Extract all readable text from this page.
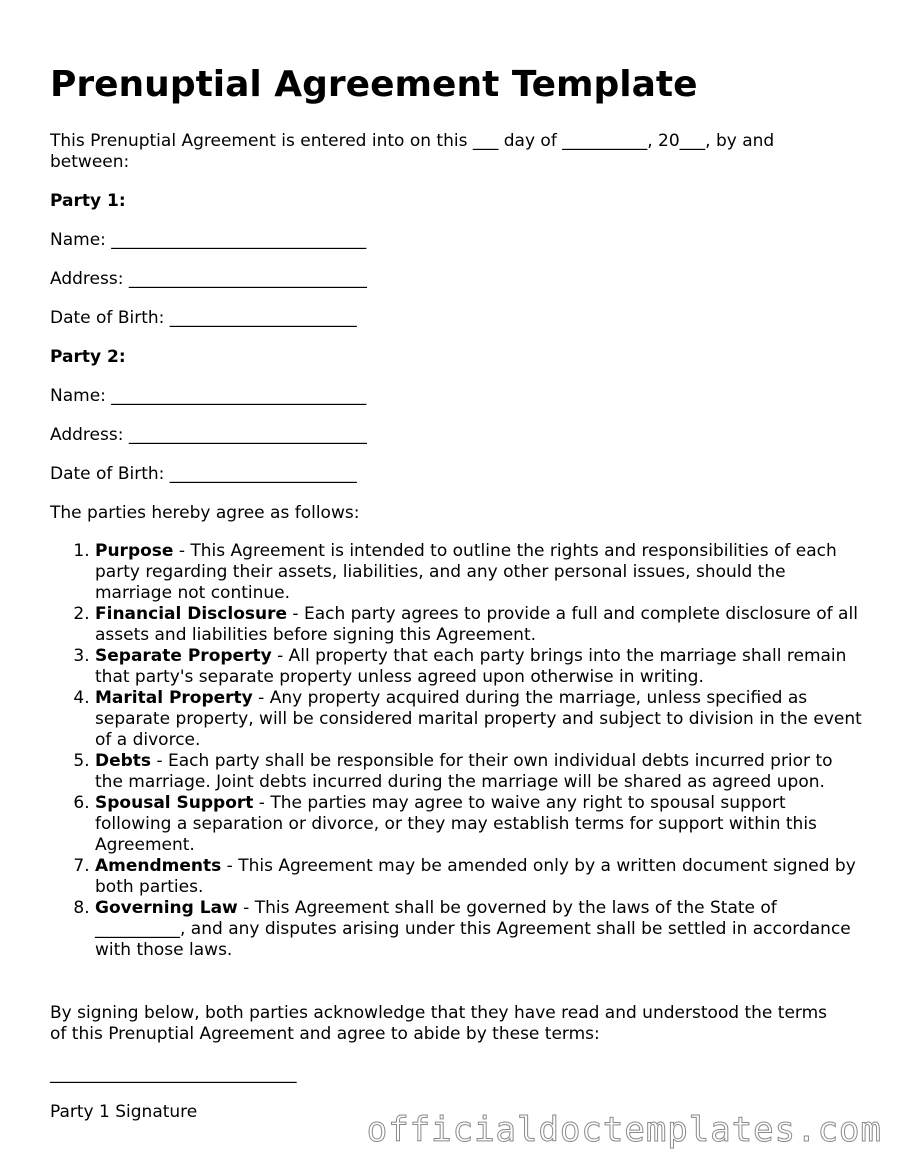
Prenuptial Agreement Template

This Prenuptial Agreement is entered into on this ___ day of __________, 20___, by and

between:

Party 1:

Name: ______________________________

Address: ____________________________

Date of Birth: ______________________

Party 2:

Name: ______________________________

Address: ____________________________

Date of Birth: ______________________

The parties hereby agree as follows:

1. Purpose - This Agreement is intended to outline the rights and responsibilities of each party regarding their assets, liabilities, and any other personal issues, should the marriage not continue.
2. Financial Disclosure - Each party agrees to provide a full and complete disclosure of all assets and liabilities before signing this Agreement.
3. Separate Property - All property that each party brings into the marriage shall remain that party's separate property unless agreed upon otherwise in writing.
4. Marital Property - Any property acquired during the marriage, unless specified as separate property, will be considered marital property and subject to division in the event of a divorce.
5. Debts - Each party shall be responsible for their own individual debts incurred prior to the marriage. Joint debts incurred during the marriage will be shared as agreed upon.
6. Spousal Support - The parties may agree to waive any right to spousal support following a separation or divorce, or they may establish terms for support within this Agreement.
7. Amendments - This Agreement may be amended only by a written document signed by both parties.
8. Governing Law - This Agreement shall be governed by the laws of the State of __________, and any disputes arising under this Agreement shall be settled in accordance with those laws.

By signing below, both parties acknowledge that they have read and understood the terms

of this Prenuptial Agreement and agree to abide by these terms:

_____________________________

Party 1 Signature	officialdoctemplates.com
